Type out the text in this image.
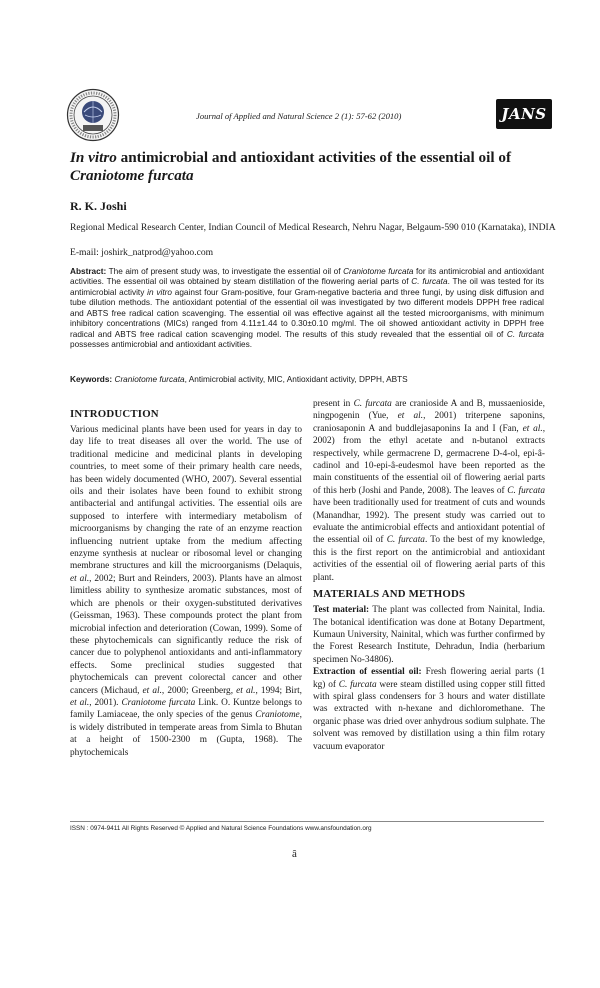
Journal of Applied and Natural Science 2 (1): 57-62 (2010)	JANS
In vitro antimicrobial and antioxidant activities of the essential oil of Craniotome furcata
R. K. Joshi
Regional Medical Research Center, Indian Council of Medical Research, Nehru Nagar, Belgaum-590 010 (Karnataka), INDIA
E-mail: joshirk_natprod@yahoo.com
Abstract: The aim of present study was, to investigate the essential oil of Craniotome furcata for its antimicrobial and antioxidant activities. The essential oil was obtained by steam distillation of the flowering aerial parts of C. furcata. The oil was tested for its antimicrobial activity in vitro against four Gram-positive, four Gram-negative bacteria and three fungi, by using disk diffusion and tube dilution methods. The antioxidant potential of the essential oil was investigated by two different models DPPH free radical and ABTS free radical cation scavenging. The essential oil was effective against all the tested microorganisms, with minimum inhibitory concentrations (MICs) ranged from 4.11±1.44 to 0.30±0.10 mg/ml. The oil showed antioxidant activity in DPPH free radical and ABTS free radical cation scavenging model. The results of this study revealed that the essential oil of C. furcata possesses antimicrobial and antioxidant activities.
Keywords: Craniotome furcata, Antimicrobial activity, MIC, Antioxidant activity, DPPH, ABTS
INTRODUCTION

Various medicinal plants have been used for years in day to day life to treat diseases all over the world. The use of traditional medicine and medicinal plants in developing countries, to meet some of their primary health care needs, has been widely documented (WHO, 2007). Several essential oils and their isolates have been found to exhibit strong antibacterial and antifungal activities. The essential oils are supposed to interfere with intermediary metabolism of microorganisms by changing the rate of an enzyme reaction influencing nutrient uptake from the medium affecting enzyme synthesis at nuclear or ribosomal level or changing membrane structures and kill the microorganisms (Delaquis, et al., 2002; Burt and Reinders, 2003). Plants have an almost limitless ability to synthesize aromatic substances, most of which are phenols or their oxygen-substituted derivatives (Geissman, 1963). These compounds protect the plant from microbial infection and deterioration (Cowan, 1999). Some of these phytochemicals can significantly reduce the risk of cancer due to polyphenol antioxidants and anti-inflammatory effects. Some preclinical studies suggested that phytochemicals can prevent colorectal cancer and other cancers (Michaud, et al., 2000; Greenberg, et al., 1994; Birt, et al., 2001). Craniotome furcata Link. O. Kuntze belongs to family Lamiaceae, the only species of the genus Craniotome, is widely distributed in temperate areas from Simla to Bhutan at a height of 1500-2300 m (Gupta, 1968). The phytochemicals

present in C. furcata are cranioside A and B, mussaenioside, ningpogenin (Yue, et al., 2001) triterpene saponins, craniosaponin A and buddlejasaponins Ia and I (Fan, et al., 2002) from the ethyl acetate and n-butanol extracts respectively, while germacrene D, germacrene D-4-ol, epi-â-cadinol and 10-epi-â-eudesmol have been reported as the main constituents of the essential oil of flowering aerial parts of this herb (Joshi and Pande, 2008). The leaves of C. furcata have been traditionally used for treatment of cuts and wounds (Manandhar, 1992). The present study was carried out to evaluate the antimicrobial effects and antioxidant potential of the essential oil of C. furcata. To the best of my knowledge, this is the first report on the antimicrobial and antioxidant activities of the essential oil of flowering aerial parts of this plant.

MATERIALS AND METHODS

Test material: The plant was collected from Nainital, India. The botanical identification was done at Botany Department, Kumaun University, Nainital, which was further confirmed by the Forest Research Institute, Dehradun, India (herbarium specimen No-34806).

Extraction of essential oil: Fresh flowering aerial parts (1 kg) of C. furcata were steam distilled using copper still fitted with spiral glass condensers for 3 hours and water distillate was extracted with n-hexane and dichloromethane. The organic phase was dried over anhydrous sodium sulphate. The solvent was removed by distillation using a thin film rotary vacuum evaporator

ISSN : 0974-9411 All Rights Reserved © Applied and Natural Science Foundations www.ansfoundation.org
â
